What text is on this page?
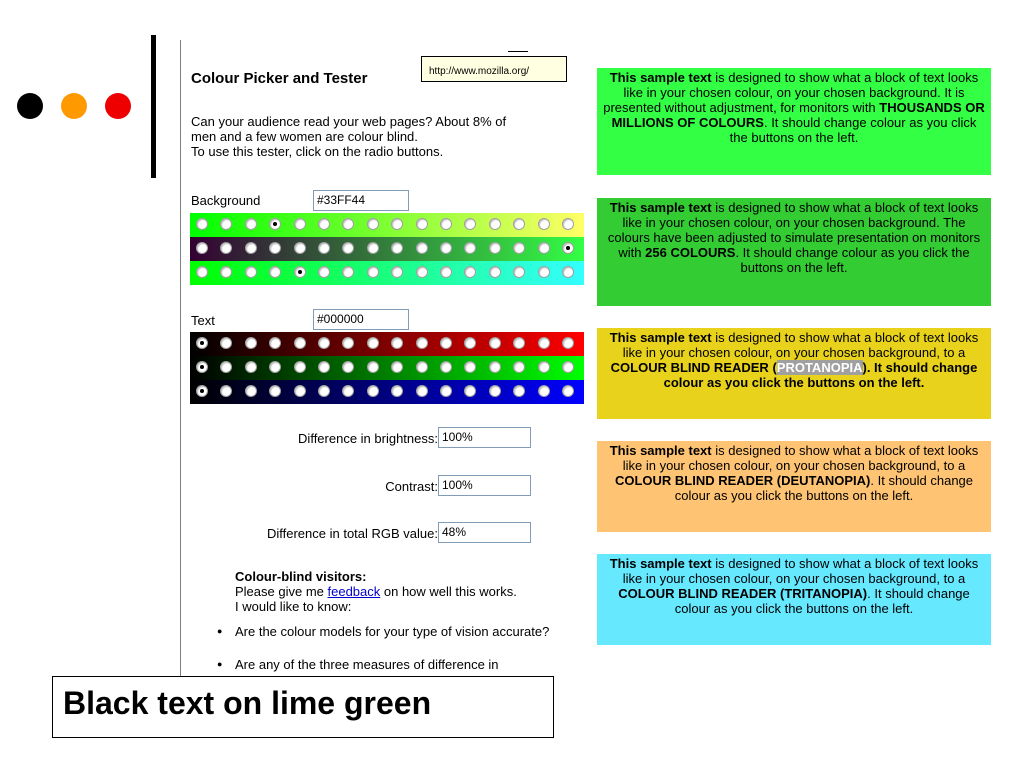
Colour Picker and Tester	http://www.mozilla.org/
Can your audience read your web pages? About 8% of
men and a few women are colour blind.
To use this tester, click on the radio buttons.
Background	#33FF44
Text	#000000
Difference in brightness: 100%
Contrast: 100%
Difference in total RGB value: 48%
Colour-blind visitors:
Please give me feedback on how well this works.
I would like to know:
● Are the colour models for your type of vision accurate?
● Are any of the three measures of difference in
Black text on lime green
This sample text is designed to show what a block of text looks like in your chosen colour, on your chosen background. It is presented without adjustment, for monitors with THOUSANDS OR MILLIONS OF COLOURS. It should change colour as you click the buttons on the left.
This sample text is designed to show what a block of text looks like in your chosen colour, on your chosen background. The colours have been adjusted to simulate presentation on monitors with 256 COLOURS. It should change colour as you click the buttons on the left.
This sample text is designed to show what a block of text looks like in your chosen colour, on your chosen background, to a COLOUR BLIND READER (PROTANOPIA). It should change colour as you click the buttons on the left.
This sample text is designed to show what a block of text looks like in your chosen colour, on your chosen background, to a COLOUR BLIND READER (DEUTANOPIA). It should change colour as you click the buttons on the left.
This sample text is designed to show what a block of text looks like in your chosen colour, on your chosen background, to a COLOUR BLIND READER (TRITANOPIA). It should change colour as you click the buttons on the left.
